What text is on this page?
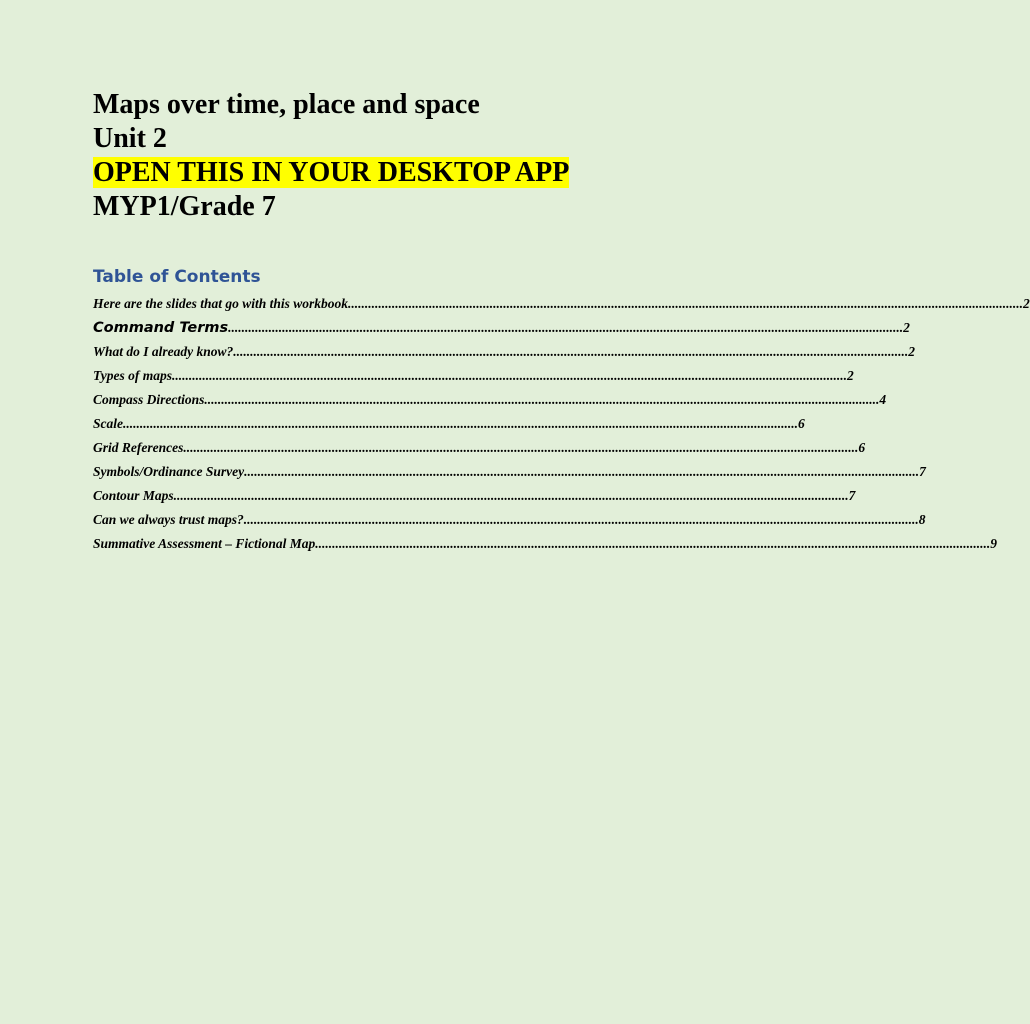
Maps over time, place and space
Unit 2
OPEN THIS IN YOUR DESKTOP APP
MYP1/Grade 7
Table of Contents
Here are the slides that go with this workbook ........................................................................................................................................................................................................ 2
Command Terms ........................................................................................................................................................................................................ 2
What do I already know? ........................................................................................................................................................................................................ 2
Types of maps ........................................................................................................................................................................................................ 2
Compass Directions ........................................................................................................................................................................................................ 4
Scale ........................................................................................................................................................................................................ 6
Grid References ........................................................................................................................................................................................................ 6
Symbols/Ordinance Survey ........................................................................................................................................................................................................ 7
Contour Maps ........................................................................................................................................................................................................ 7
Can we always trust maps? ........................................................................................................................................................................................................ 8
Summative Assessment – Fictional Map ........................................................................................................................................................................................................ 9
